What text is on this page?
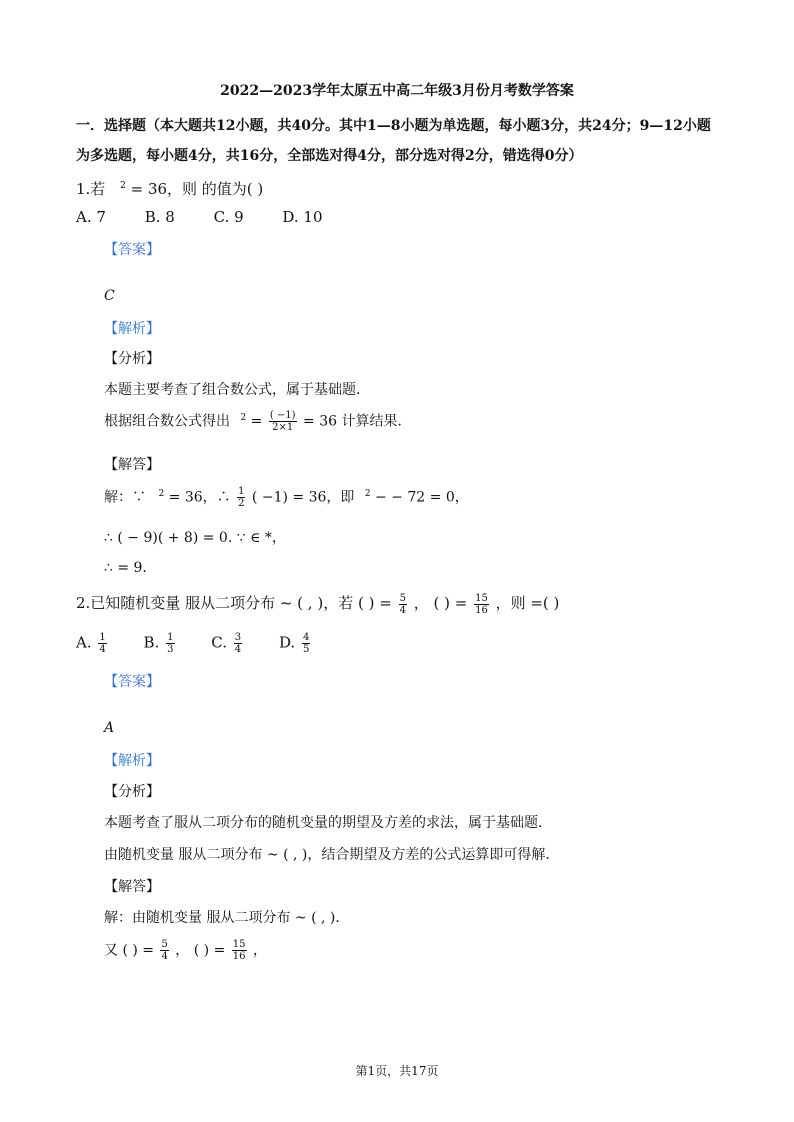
2022—2023学年太原五中高二年级3月份月考数学答案
一．选择题（本大题共12小题，共40分。其中1—8小题为单选题，每小题3分，共24分；9—12小题
为多选题，每小题4分，共16分，全部选对得4分，部分选对得2分，错选得0分）
1.若 $^2$ = 36，则 的值为( )
A. 7	B. 8	C. 9	D. 10
【答案】
C
【解析】
【分析】
本题主要考查了组合数公式，属于基础题．
根据组合数公式得出 $^2 = \frac{( -1)}{2\times 1} = 36$ 计算结果．
【解答】
解：∵ $^2$ = 36，∴ $\frac{1}{2}$ ( −1) = 36，即 $^2$ − − 72 = 0，
∴ ( − 9)( + 8) = 0. ∵ ∈ *，
∴ = 9．
2.已知随机变量 服从二项分布 ~ ( , )，若 ( ) = $\frac{5}{4}$ ， ( ) = $\frac{15}{16}$ ，则 =( )
A. $\frac{1}{4} B$. $\frac{1}{3} C$. $\frac{3}{4} D$. $\frac{4}{5}$
【答案】
A
【解析】
【分析】
本题考查了服从二项分布的随机变量的期望及方差的求法，属于基础题．
由随机变量 服从二项分布 ~ ( , )，结合期望及方差的公式运算即可得解．
【解答】
解：由随机变量 服从二项分布 ~ ( , )．
又 ( ) = $\frac{5}{4}$ ， ( ) = $\frac{15}{16}$ ，
第1页，共17页
